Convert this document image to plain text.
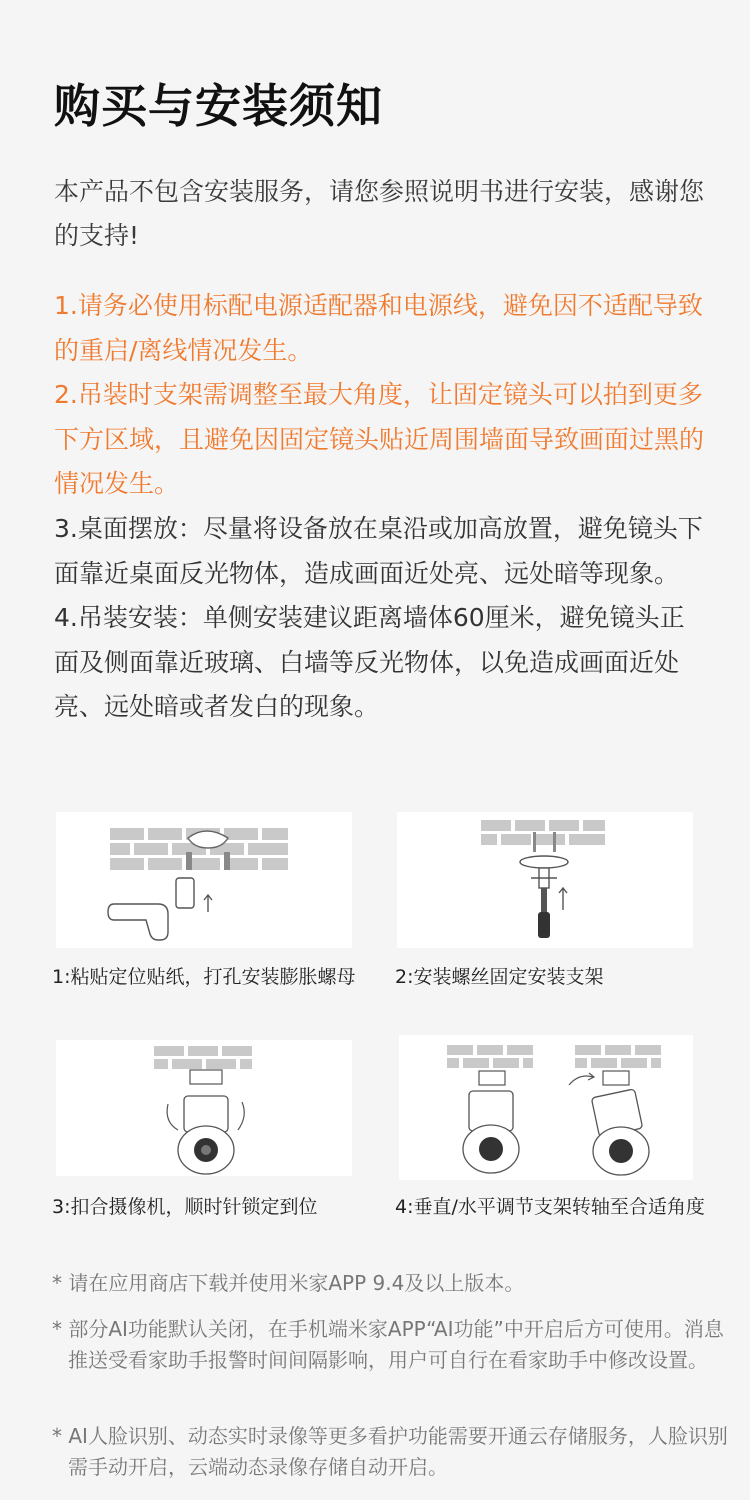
购买与安装须知

本产品不包含安装服务，请您参照说明书进行安装，感谢您的支持!

1.请务必使用标配电源适配器和电源线，避免因不适配导致的重启/离线情况发生。

2.吊装时支架需调整至最大角度，让固定镜头可以拍到更多下方区域，且避免因固定镜头贴近周围墙面导致画面过黑的情况发生。

3.桌面摆放：尽量将设备放在桌沿或加高放置，避免镜头下面靠近桌面反光物体，造成画面近处亮、远处暗等现象。

4.吊装安装：单侧安装建议距离墙体60厘米，避免镜头正面及侧面靠近玻璃、白墙等反光物体，以免造成画面近处亮、远处暗或者发白的现象。

1:粘贴定位贴纸，打孔安装膨胀螺母	2:安装螺丝固定安装支架

3:扣合摄像机，顺时针锁定到位	4:垂直/水平调节支架转轴至合适角度

* 请在应用商店下载并使用米家APP 9.4及以上版本。

* 部分AI功能默认关闭，在手机端米家APP“AI功能”中开启后方可使用。消息推送受看家助手报警时间间隔影响，用户可自行在看家助手中修改设置。

* AI人脸识别、动态实时录像等更多看护功能需要开通云存储服务，人脸识别需手动开启，云端动态录像存储自动开启。
